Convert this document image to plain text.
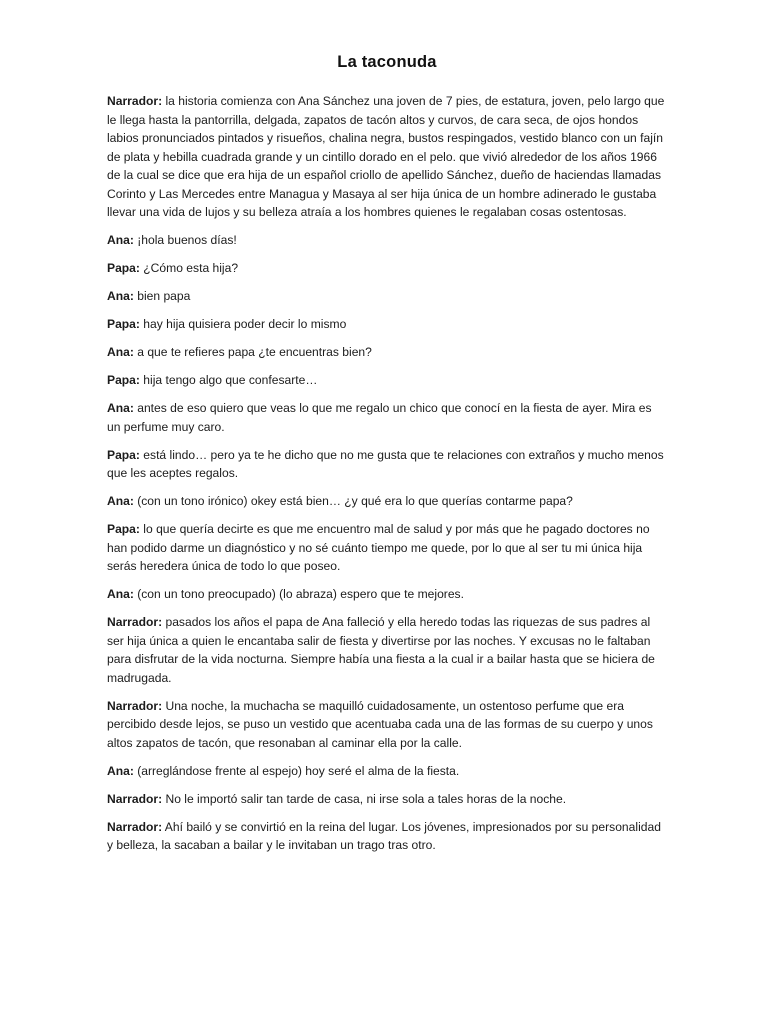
La taconuda

Narrador: la historia comienza con Ana Sánchez una joven de 7 pies, de estatura, joven, pelo largo que le llega hasta la pantorrilla, delgada, zapatos de tacón altos y curvos, de cara seca, de ojos hondos labios pronunciados pintados y risueños, chalina negra, bustos respingados, vestido blanco con un fajín de plata y hebilla cuadrada grande y un cintillo dorado en el pelo. que vivió alrededor de los años 1966 de la cual se dice que era hija de un español criollo de apellido Sánchez, dueño de haciendas llamadas Corinto y Las Mercedes entre Managua y Masaya al ser hija única de un hombre adinerado le gustaba llevar una vida de lujos y su belleza atraía a los hombres quienes le regalaban cosas ostentosas.

Ana: ¡hola buenos días!

Papa: ¿Cómo esta hija?

Ana: bien papa

Papa: hay hija quisiera poder decir lo mismo

Ana: a que te refieres papa ¿te encuentras bien?

Papa: hija tengo algo que confesarte…

Ana: antes de eso quiero que veas lo que me regalo un chico que conocí en la fiesta de ayer. Mira es un perfume muy caro.

Papa: está lindo… pero ya te he dicho que no me gusta que te relaciones con extraños y mucho menos que les aceptes regalos.

Ana: (con un tono irónico) okey está bien… ¿y qué era lo que querías contarme papa?

Papa: lo que quería decirte es que me encuentro mal de salud y por más que he pagado doctores no han podido darme un diagnóstico y no sé cuánto tiempo me quede, por lo que al ser tu mi única hija serás heredera única de todo lo que poseo.

Ana: (con un tono preocupado) (lo abraza) espero que te mejores.

Narrador: pasados los años el papa de Ana falleció y ella heredo todas las riquezas de sus padres al ser hija única a quien le encantaba salir de fiesta y divertirse por las noches. Y excusas no le faltaban para disfrutar de la vida nocturna. Siempre había una fiesta a la cual ir a bailar hasta que se hiciera de madrugada.

Narrador: Una noche, la muchacha se maquilló cuidadosamente, un ostentoso perfume que era percibido desde lejos, se puso un vestido que acentuaba cada una de las formas de su cuerpo y unos altos zapatos de tacón, que resonaban al caminar ella por la calle.

Ana: (arreglándose frente al espejo) hoy seré el alma de la fiesta.

Narrador: No le importó salir tan tarde de casa, ni irse sola a tales horas de la noche.

Narrador: Ahí bailó y se convirtió en la reina del lugar. Los jóvenes, impresionados por su personalidad y belleza, la sacaban a bailar y le invitaban un trago tras otro.
